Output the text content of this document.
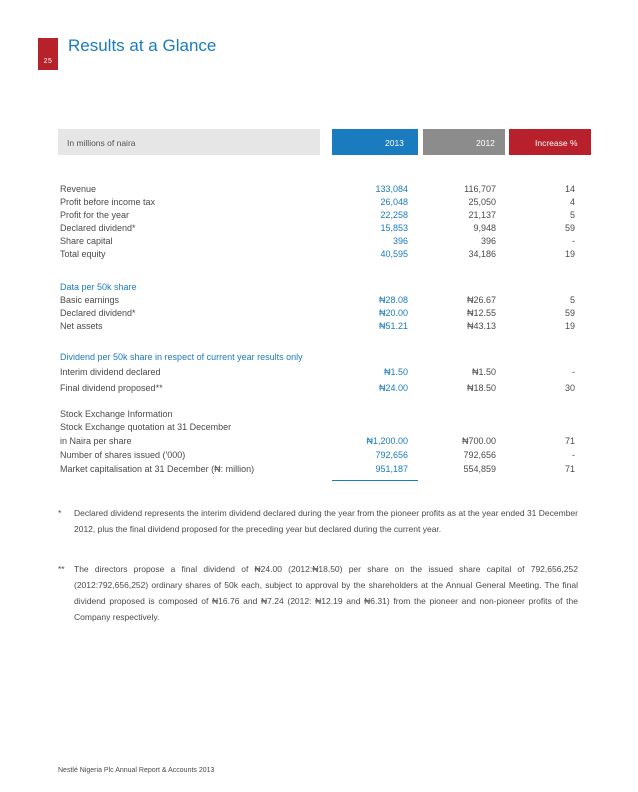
25
Results at a Glance
In millions of naira	2013	2012	Increase %
Revenue	133,084	116,707	14
Profit before income tax	26,048	25,050	4
Profit for the year	22,258	21,137	5
Declared dividend*	15,853	9,948	59
Share capital	396	396	-
Total equity	40,595	34,186	19
Data per 50k share
Basic earnings	₦28.08	₦26.67	5
Declared dividend*	₦20.00	₦12.55	59
Net assets	₦51.21	₦43.13	19
Dividend per 50k share in respect of current year results only
Interim dividend declared	₦1.50	₦1.50	-
Final dividend proposed**	₦24.00	₦18.50	30
Stock Exchange Information
Stock Exchange quotation at 31 December
in Naira per share	₦1,200.00	₦700.00	71
Number of shares issued ('000)	792,656	792,656	-
Market capitalisation at 31 December (₦: million)	951,187	554,859	71
*	Declared dividend represents the interim dividend declared during the year from the pioneer profits as at the year ended 31 December 2012, plus the final dividend proposed for the preceding year but declared during the current year.
**	The directors propose a final dividend of ₦24.00 (2012:₦18.50) per share on the issued share capital of 792,656,252 (2012:792,656,252) ordinary shares of 50k each, subject to approval by the shareholders at the Annual General Meeting. The final dividend proposed is composed of ₦16.76 and ₦7.24 (2012: ₦12.19 and ₦6.31) from the pioneer and non-pioneer profits of the Company respectively.
Nestlé Nigeria Plc Annual Report & Accounts 2013
